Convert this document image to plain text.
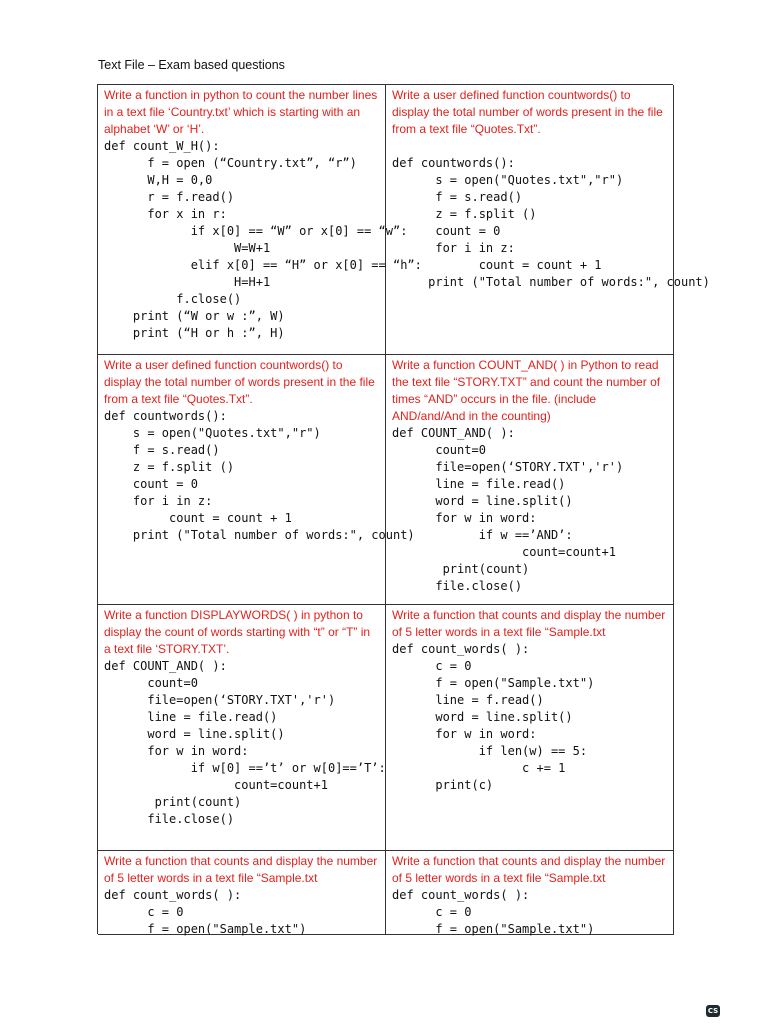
Text File – Exam based questions
Write a function in python to count the number lines in a text file ‘Country.txt’ which is starting with an alphabet ‘W’ or ‘H’.
def count_W_H():
f = open (“Country.txt”, “r”)
W,H = 0,0
r = f.read()
for x in r:
if x[0] == “W” or x[0] == “w”:
W=W+1
elif x[0] == “H” or x[0] == “h”:
H=H+1
f.close()
print (“W or w :”, W)
print (“H or h :”, H)
Write a user defined function countwords() to display the total number of words present in the file from a text file “Quotes.Txt”.

def countwords():
s = open("Quotes.txt","r")
f = s.read()
z = f.split ()
count = 0
for i in z:
count = count + 1
print ("Total number of words:", count)
Write a user defined function countwords() to display the total number of words present in the file from a text file “Quotes.Txt”.
def countwords():
s = open("Quotes.txt","r")
f = s.read()
z = f.split ()
count = 0
for i in z:
count = count + 1
print ("Total number of words:", count)
Write a function COUNT_AND( ) in Python to read the text file “STORY.TXT” and count the number of times “AND” occurs in the file. (include AND/and/And in the counting)
def COUNT_AND( ):
count=0
file=open(‘STORY.TXT','r')
line = file.read()
word = line.split()
for w in word:
if w ==’AND’:
count=count+1
print(count)
file.close()
Write a function DISPLAYWORDS( ) in python to display the count of words starting with “t” or “T” in a text file ‘STORY.TXT’.
def COUNT_AND( ):
count=0
file=open(‘STORY.TXT','r')
line = file.read()
word = line.split()
for w in word:
if w[0] ==’t’ or w[0]==’T’:
count=count+1
print(count)
file.close()
Write a function that counts and display the number of 5 letter words in a text file “Sample.txt
def count_words( ):
c = 0
f = open("Sample.txt")
line = f.read()
word = line.split()
for w in word:
if len(w) == 5:
c += 1
print(c)
Write a function that counts and display the number of 5 letter words in a text file “Sample.txt
def count_words( ):
c = 0
f = open("Sample.txt")
Write a function that counts and display the number of 5 letter words in a text file “Sample.txt
def count_words( ):
c = 0
f = open("Sample.txt")
CS
